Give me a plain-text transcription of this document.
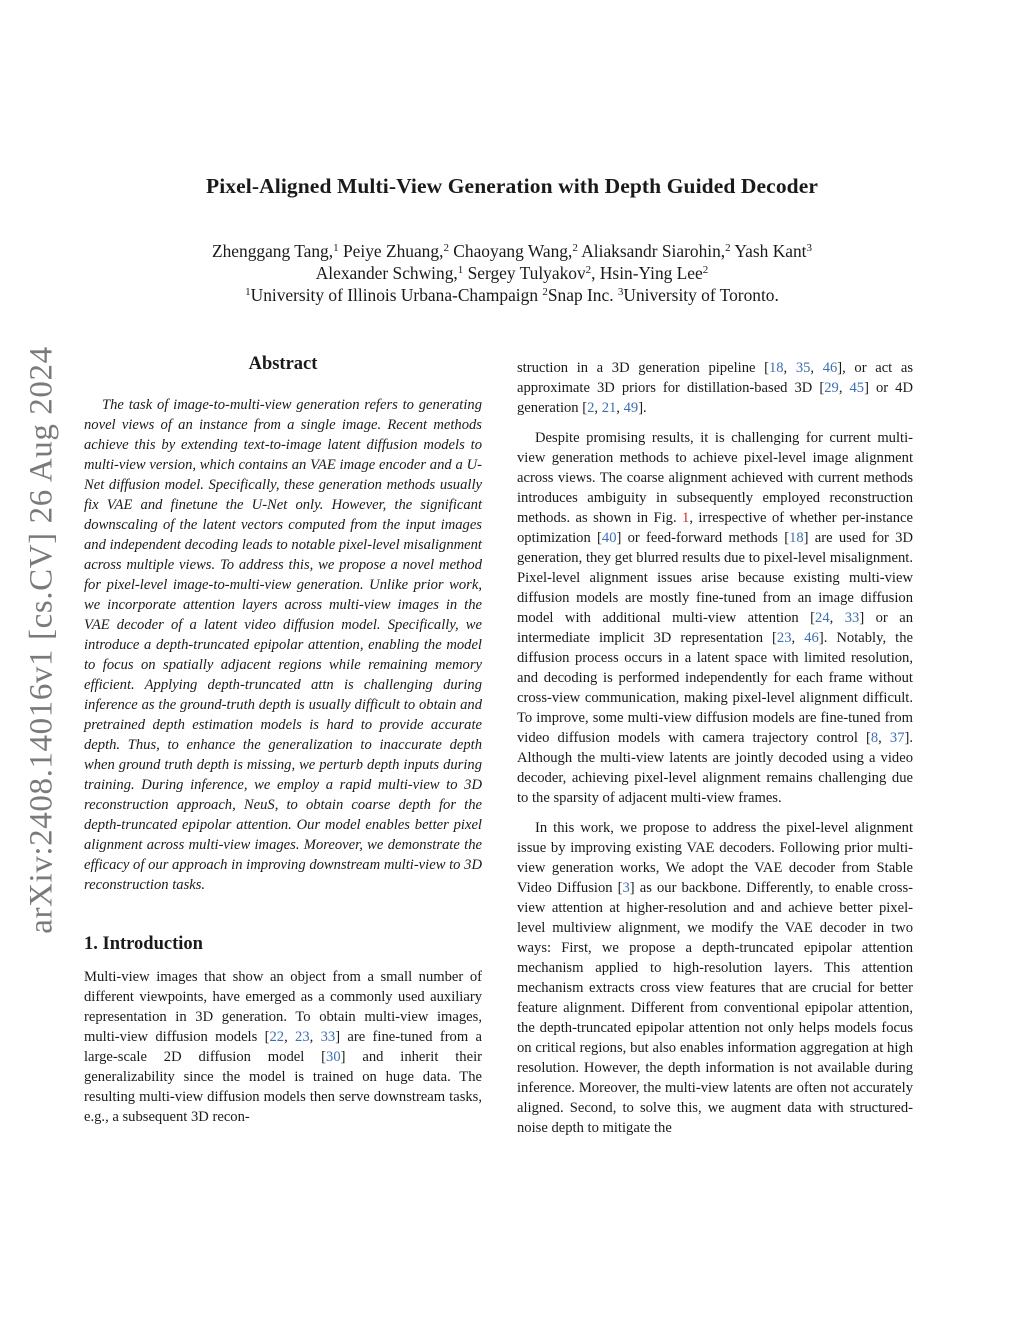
Pixel-Aligned Multi-View Generation with Depth Guided Decoder
Zhenggang Tang,$^1$ Peiye Zhuang,$^2$ Chaoyang Wang,$^2$ Aliaksandr Siarohin,$^2$ Yash Kant$^3$
Alexander Schwing,$^1$ Sergey Tulyakov$^2$, Hsin-Ying Lee$^2$
$^1$University of Illinois Urbana-Champaign $^2$Snap Inc. $^3$University of Toronto.
arXiv:2408.14016v1 [cs.CV] 26 Aug 2024	Abstract

The task of image-to-multi-view generation refers to generating novel views of an instance from a single image. Recent methods achieve this by extending text-to-image latent diffusion models to multi-view version, which contains an VAE image encoder and a U-Net diffusion model. Specifically, these generation methods usually fix VAE and finetune the U-Net only. However, the significant downscaling of the latent vectors computed from the input images and independent decoding leads to notable pixel-level misalignment across multiple views. To address this, we propose a novel method for pixel-level image-to-multi-view generation. Unlike prior work, we incorporate attention layers across multi-view images in the VAE decoder of a latent video diffusion model. Specifically, we introduce a depth-truncated epipolar attention, enabling the model to focus on spatially adjacent regions while remaining memory efficient. Applying depth-truncated attn is challenging during inference as the ground-truth depth is usually difficult to obtain and pretrained depth estimation models is hard to provide accurate depth. Thus, to enhance the generalization to inaccurate depth when ground truth depth is missing, we perturb depth inputs during training. During inference, we employ a rapid multi-view to 3D reconstruction approach, NeuS, to obtain coarse depth for the depth-truncated epipolar attention. Our model enables better pixel alignment across multi-view images. Moreover, we demonstrate the efficacy of our approach in improving downstream multi-view to 3D reconstruction tasks.

1. Introduction

Multi-view images that show an object from a small number of different viewpoints, have emerged as a commonly used auxiliary representation in 3D generation. To obtain multi-view images, multi-view diffusion models [22, 23, 33] are fine-tuned from a large-scale 2D diffusion model [30] and inherit their generalizability since the model is trained on huge data. The resulting multi-view diffusion models then serve downstream tasks, e.g., a subsequent 3D recon-

struction in a 3D generation pipeline [18, 35, 46], or act as approximate 3D priors for distillation-based 3D [29, 45] or 4D generation [2, 21, 49].

Despite promising results, it is challenging for current multi-view generation methods to achieve pixel-level image alignment across views. The coarse alignment achieved with current methods introduces ambiguity in subsequently employed reconstruction methods. as shown in Fig. 1, irrespective of whether per-instance optimization [40] or feed-forward methods [18] are used for 3D generation, they get blurred results due to pixel-level misalignment. Pixel-level alignment issues arise because existing multi-view diffusion models are mostly fine-tuned from an image diffusion model with additional multi-view attention [24, 33] or an intermediate implicit 3D representation [23, 46]. Notably, the diffusion process occurs in a latent space with limited resolution, and decoding is performed independently for each frame without cross-view communication, making pixel-level alignment difficult. To improve, some multi-view diffusion models are fine-tuned from video diffusion models with camera trajectory control [8, 37]. Although the multi-view latents are jointly decoded using a video decoder, achieving pixel-level alignment remains challenging due to the sparsity of adjacent multi-view frames.

In this work, we propose to address the pixel-level alignment issue by improving existing VAE decoders. Following prior multi-view generation works, We adopt the VAE decoder from Stable Video Diffusion [3] as our backbone. Differently, to enable cross-view attention at higher-resolution and and achieve better pixel-level multiview alignment, we modify the VAE decoder in two ways: First, we propose a depth-truncated epipolar attention mechanism applied to high-resolution layers. This attention mechanism extracts cross view features that are crucial for better feature alignment. Different from conventional epipolar attention, the depth-truncated epipolar attention not only helps models focus on critical regions, but also enables information aggregation at high resolution. However, the depth information is not available during inference. Moreover, the multi-view latents are often not accurately aligned. Second, to solve this, we augment data with structured-noise depth to mitigate the
